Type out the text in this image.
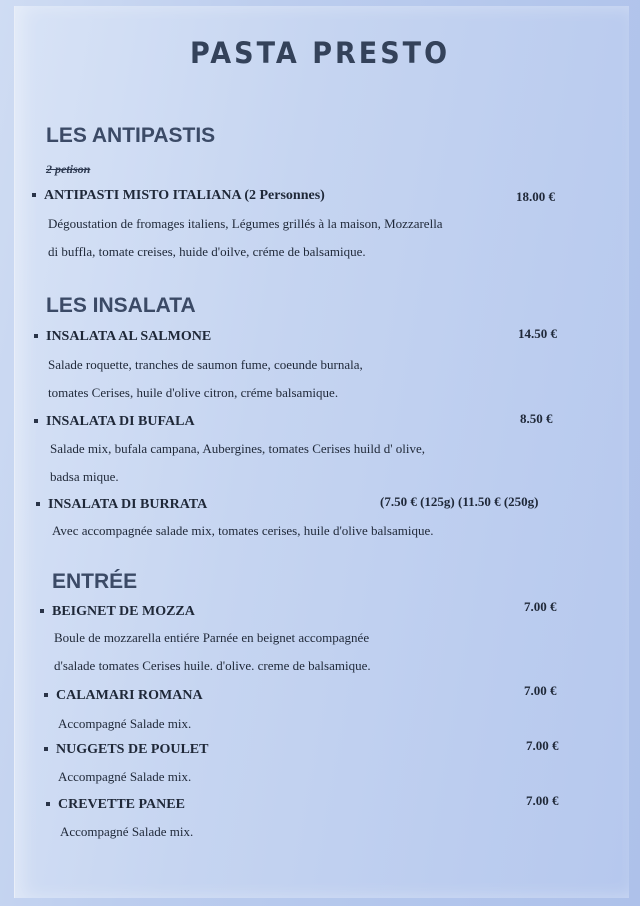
PASTA PRESTO
LES ANTIPASTIS
2 petison
ANTIPASTI MISTO ITALIANA (2 Personnes)	18.00 €
Dégoustation de fromages italiens, Légumes grillés à la maison, Mozzarella
di buffla, tomate creises, huide d'oilve, créme de balsamique.
LES INSALATA
INSALATA AL SALMONE	14.50 €
Salade roquette, tranches de saumon fume, coeunde burnala,
tomates Cerises, huile d'olive citron, créme balsamique.
INSALATA DI BUFALA	8.50 €
Salade mix, bufala campana, Aubergines, tomates Cerises huild d' olive,
badsa mique.
INSALATA DI BURRATA	(7.50 € (125g) (11.50 € (250g)
Avec accompagnée salade mix, tomates cerises, huile d'olive balsamique.
ENTRÉE
BEIGNET DE MOZZA	7.00 €
Boule de mozzarella entiére Parnée en beignet accompagnée
d'salade tomates Cerises huile. d'olive. creme de balsamique.
CALAMARI ROMANA	7.00 €
Accompagné Salade mix.
NUGGETS DE POULET	7.00 €
Accompagné Salade mix.
CREVETTE PANEE	7.00 €
Accompagné Salade mix.
